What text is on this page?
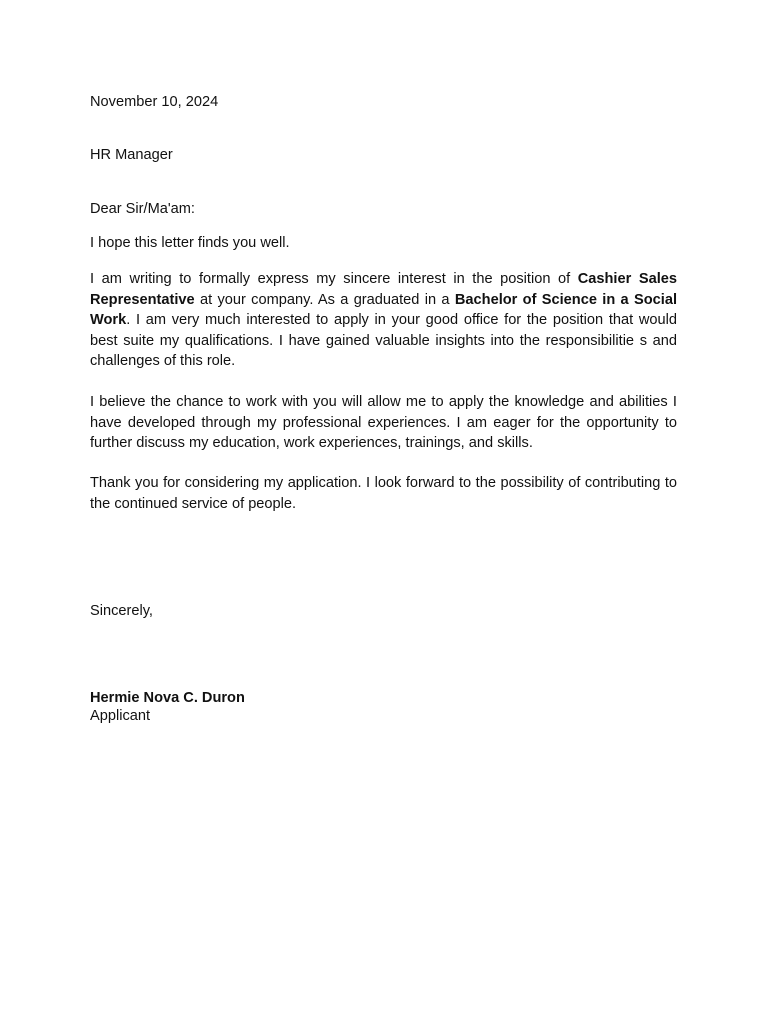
November 10, 2024

HR Manager

Dear Sir/Ma'am:

I hope this letter finds you well.

I am writing to formally express my sincere interest in the position of Cashier Sales Representative at your company. As a graduated in a Bachelor of Science in a Social Work. I am very much interested to apply in your good office for the position that would best suite my qualifications. I have gained valuable insights into the responsibilitie s and challenges of this role.

I believe the chance to work with you will allow me to apply the knowledge and abilities I have developed through my professional experiences. I am eager for the opportunity to further discuss my education, work experiences, trainings, and skills.

Thank you for considering my application. I look forward to the possibility of contributing to the continued service of people.

Sincerely,

Hermie Nova C. Duron

Applicant
